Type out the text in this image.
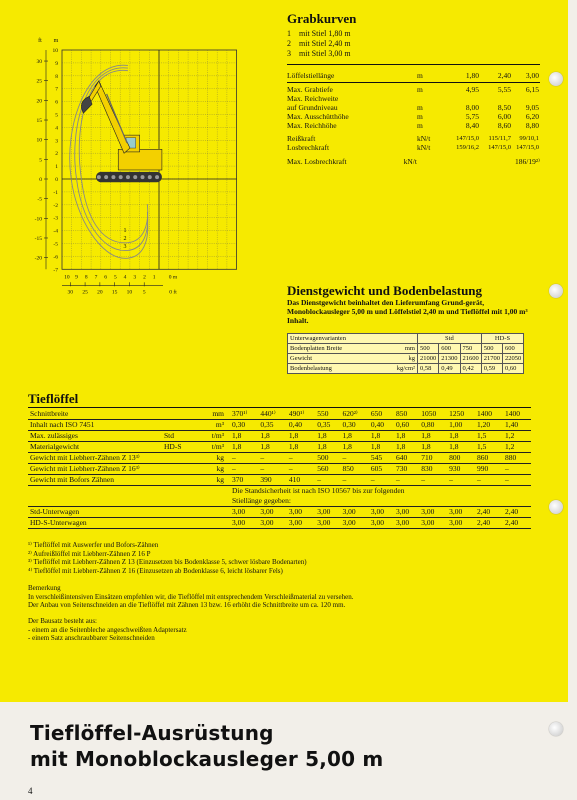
ft m
10
9
8
7
6
5
4
3
2
1
0
-1
-2
-3
-4
-5
-6
-7
30
25
20
15
10
5
0
-5
-10
-15
-20
10 9 8 7 6 5 4 3 2 1 0 m
30 25 20 15 10 5	0 ft
1
2
3
Grabkurven
1 mit Stiel 1,80 m
2 mit Stiel 2,40 m
3 mit Stiel 3,00 m
Löffelstiellänge	m	1,80	2,40	3,00
Max. Grabtiefe	m	4,95	5,55	6,15
Max. Reichweite
auf Grundniveau	m	8,00	8,50	9,05
Max. Ausschütthöhe	m	5,75	6,00	6,20
Max. Reichhöhe	m	8,40	8,60	8,80
Reißkraft	kN/t	147/15,0	115/11,7	99/10,1
Losbrechkraft	kN/t	159/16,2	147/15,0 147/15,0
Max. Losbrechkraft	kN/t	186/19²⁾
Dienstgewicht und Bodenbelastung
Das Dienstgewicht beinhaltet den Lieferumfang Grund-gerät, Monoblockausleger 5,00 m und Löffelstiel 2,40 m und Tieflöffel mit 1,00 m³ Inhalt.
Unterwagenvarianten		Std			HD-S	
Bodenplatten Breite	mm	500	600	750	500	600
Gewicht	kg	21000	21300	21600	21700	22050
Bodenbelastung	kg/cm²	0,58	0,49	0,42	0,59	0,60
Tieflöffel
Schnittbreite		mm	370¹⁾	440¹⁾	490¹⁾	550	620²⁾	650	850	1050	1250	1400	1400
Inhalt nach ISO 7451		m³	0,30	0,35	0,40	0,35	0,30	0,40	0,60	0,80	1,00	1,20	1,40
Max. zulässiges	Std	t/m³	1,8	1,8	1,8	1,8	1,8	1,8	1,8	1,8	1,8	1,5	1,2
Materialgewicht	HD-S	t/m³	1,8	1,8	1,8	1,8	1,8	1,8	1,8	1,8	1,8	1,5	1,2
Gewicht mit Liebherr-Zähnen Z 13³⁾		kg	–	–	–	500	–	545	640	710	800	860	880
Gewicht mit Liebherr-Zähnen Z 16³⁾		kg	–	–	–	560	850	605	730	830	930	990	–
Gewicht mit Bofors Zähnen		kg	370	390	410	–	–	–	–	–	–	–	–
			Die Standsicherheit ist nach ISO 10567 bis zur folgenden										
			Stiellänge gegeben:										
Std-Unterwagen			3,00	3,00	3,00	3,00	3,00	3,00	3,00	3,00	3,00	2,40	2,40
HD-S-Unterwagen			3,00	3,00	3,00	3,00	3,00	3,00	3,00	3,00	3,00	2,40	2,40
¹⁾ Tieflöffel mit Auswerfer und Bofors-Zähnen
²⁾ Aufreißlöffel mit Liebherr-Zähnen Z 16 P
³⁾ Tieflöffel mit Liebherr-Zähnen Z 13 (Einzusetzen bis Bodenklasse 5, schwer lösbare Bodenarten)
⁴⁾ Tieflöffel mit Liebherr-Zähnen Z 16 (Einzusetzen ab Bodenklasse 6, leicht lösbarer Fels)
Bemerkung
In verschleißintensiven Einsätzen empfehlen wir, die Tieflöffel mit entsprechendem Verschleißmaterial zu versehen.
Der Anbau von Seitenschneiden an die Tieflöffel mit Zähnen 13 bzw. 16 erhöht die Schnittbreite um ca. 120 mm.
Der Bausatz besteht aus:
- einem an die Seitenbleche angeschweißten Adaptersatz
- einem Satz anschraubbarer Seitenschneiden
Tieflöffel-Ausrüstung
mit Monoblockausleger 5,00 m
4
